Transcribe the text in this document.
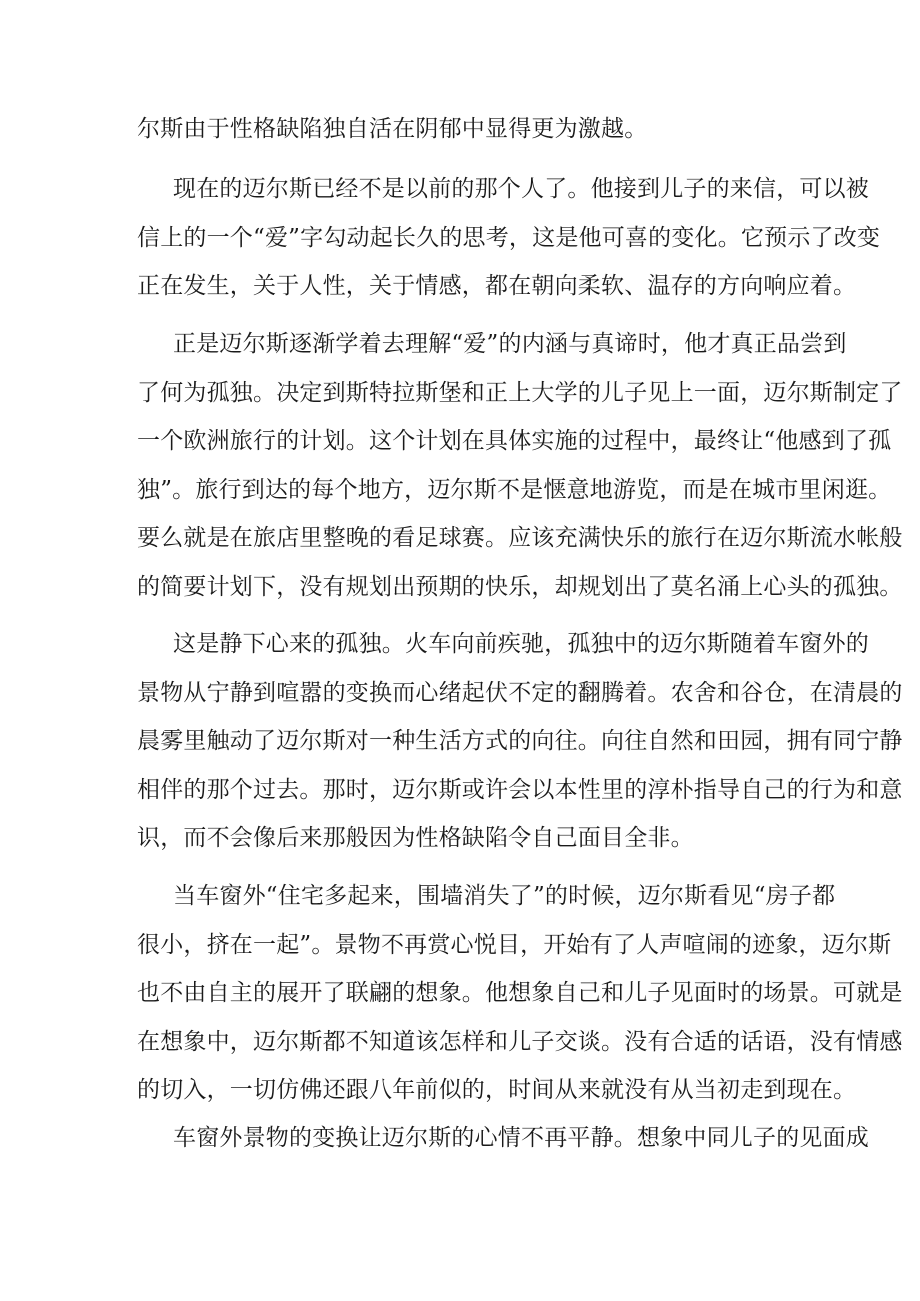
尔斯由于性格缺陷独自活在阴郁中显得更为激越。
现在的迈尔斯已经不是以前的那个人了。他接到儿子的来信，可以被
信上的一个“爱”字勾动起长久的思考，这是他可喜的变化。它预示了改变
正在发生，关于人性，关于情感，都在朝向柔软、温存的方向响应着。
正是迈尔斯逐渐学着去理解“爱”的内涵与真谛时，他才真正品尝到
了何为孤独。决定到斯特拉斯堡和正上大学的儿子见上一面，迈尔斯制定了
一个欧洲旅行的计划。这个计划在具体实施的过程中，最终让“他感到了孤
独”。旅行到达的每个地方，迈尔斯不是惬意地游览，而是在城市里闲逛。
要么就是在旅店里整晚的看足球赛。应该充满快乐的旅行在迈尔斯流水帐般
的简要计划下，没有规划出预期的快乐，却规划出了莫名涌上心头的孤独。
这是静下心来的孤独。火车向前疾驰，孤独中的迈尔斯随着车窗外的
景物从宁静到喧嚣的变换而心绪起伏不定的翻腾着。农舍和谷仓，在清晨的
晨雾里触动了迈尔斯对一种生活方式的向往。向往自然和田园，拥有同宁静
相伴的那个过去。那时，迈尔斯或许会以本性里的淳朴指导自己的行为和意
识，而不会像后来那般因为性格缺陷令自己面目全非。
当车窗外“住宅多起来，围墙消失了”的时候，迈尔斯看见“房子都
很小，挤在一起”。景物不再赏心悦目，开始有了人声喧闹的迹象，迈尔斯
也不由自主的展开了联翩的想象。他想象自己和儿子见面时的场景。可就是
在想象中，迈尔斯都不知道该怎样和儿子交谈。没有合适的话语，没有情感
的切入，一切仿佛还跟八年前似的，时间从来就没有从当初走到现在。
车窗外景物的变换让迈尔斯的心情不再平静。想象中同儿子的见面成
